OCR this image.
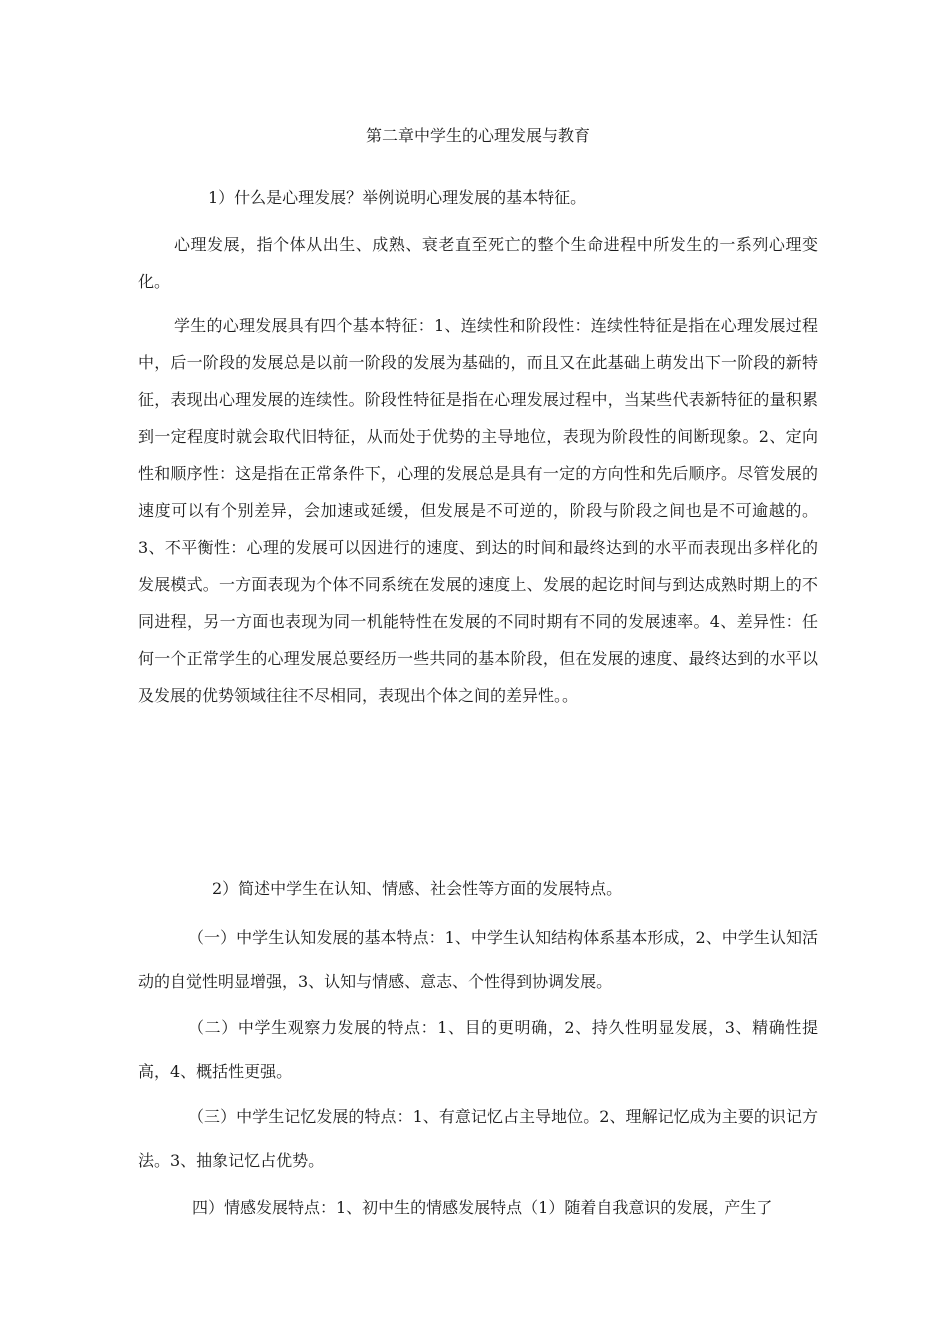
第二章中学生的心理发展与教育

1）什么是心理发展？举例说明心理发展的基本特征。

心理发展，指个体从出生、成熟、衰老直至死亡的整个生命进程中所发生的一系列心理变化。

学生的心理发展具有四个基本特征：1、连续性和阶段性：连续性特征是指在心理发展过程中，后一阶段的发展总是以前一阶段的发展为基础的，而且又在此基础上萌发出下一阶段的新特征，表现出心理发展的连续性。阶段性特征是指在心理发展过程中，当某些代表新特征的量积累到一定程度时就会取代旧特征，从而处于优势的主导地位，表现为阶段性的间断现象。2、定向性和顺序性：这是指在正常条件下，心理的发展总是具有一定的方向性和先后顺序。尽管发展的速度可以有个别差异，会加速或延缓，但发展是不可逆的，阶段与阶段之间也是不可逾越的。3、不平衡性：心理的发展可以因进行的速度、到达的时间和最终达到的水平而表现出多样化的发展模式。一方面表现为个体不同系统在发展的速度上、发展的起讫时间与到达成熟时期上的不同进程，另一方面也表现为同一机能特性在发展的不同时期有不同的发展速率。4、差异性：任何一个正常学生的心理发展总要经历一些共同的基本阶段，但在发展的速度、最终达到的水平以及发展的优势领域往往不尽相同，表现出个体之间的差异性。。

2）简述中学生在认知、情感、社会性等方面的发展特点。

（一）中学生认知发展的基本特点：1、中学生认知结构体系基本形成，2、中学生认知活动的自觉性明显增强，3、认知与情感、意志、个性得到协调发展。

（二）中学生观察力发展的特点：1、目的更明确，2、持久性明显发展，3、精确性提高，4、概括性更强。

（三）中学生记忆发展的特点：1、有意记忆占主导地位。2、理解记忆成为主要的识记方法。3、抽象记忆占优势。

四）情感发展特点：1、初中生的情感发展特点（1）随着自我意识的发展，产生了
